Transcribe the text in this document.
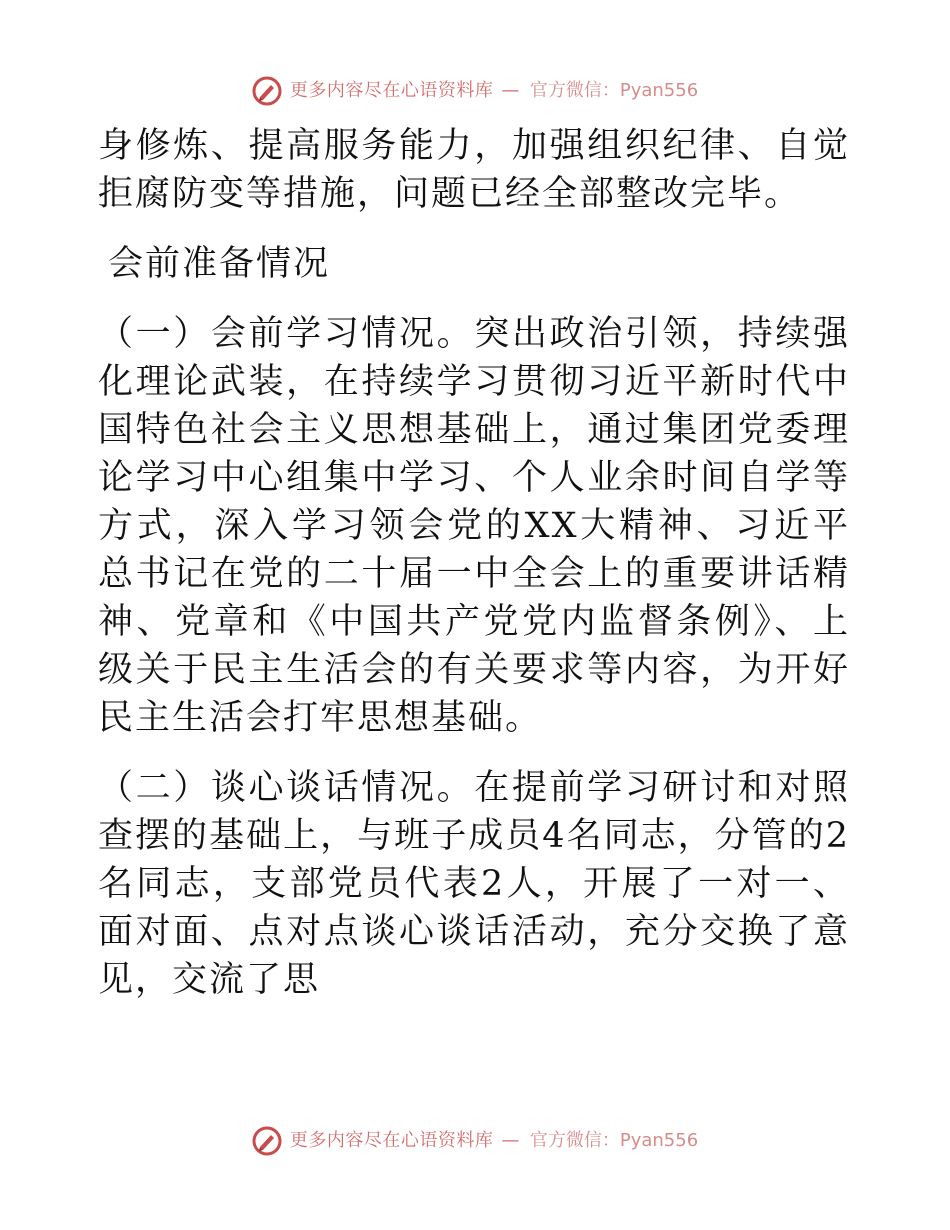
更多内容尽在心语资料库 — 官方微信：Pyan556

身修炼、提高服务能力，加强组织纪律、自觉拒腐防变等措施，问题已经全部整改完毕。

会前准备情况

（一）会前学习情况。突出政治引领，持续强化理论武装，在持续学习贯彻习近平新时代中国特色社会主义思想基础上，通过集团党委理论学习中心组集中学习、个人业余时间自学等方式，深入学习领会党的XX大精神、习近平总书记在党的二十届一中全会上的重要讲话精神、党章和《中国共产党党内监督条例》、上级关于民主生活会的有关要求等内容，为开好民主生活会打牢思想基础。

（二）谈心谈话情况。在提前学习研讨和对照查摆的基础上，与班子成员4名同志，分管的2名同志，支部党员代表2人，开展了一对一、面对面、点对点谈心谈话活动，充分交换了意见，交流了思

更多内容尽在心语资料库 — 官方微信：Pyan556
